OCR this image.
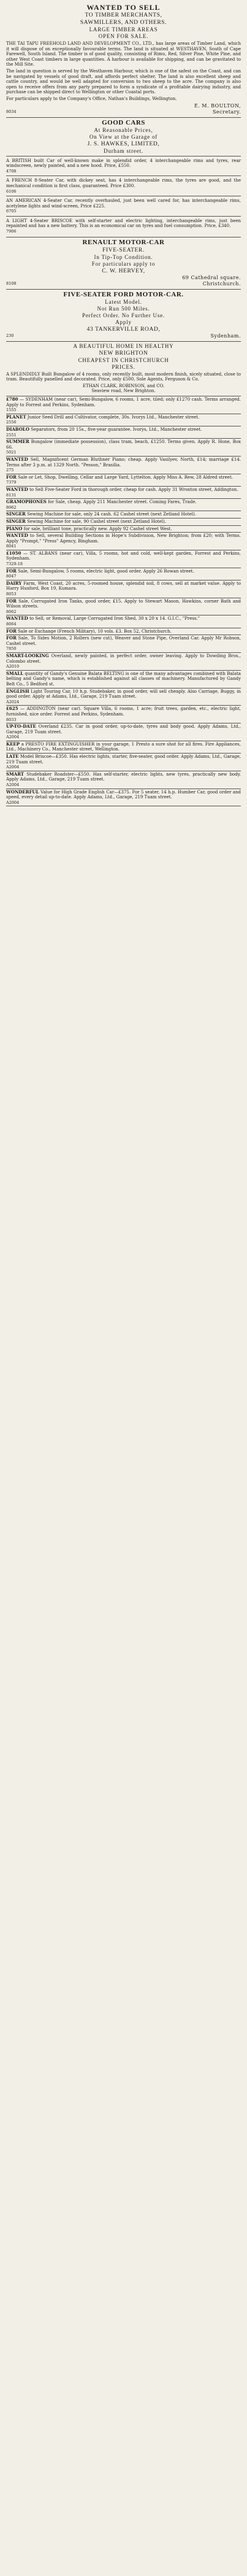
WANTED TO SELL
TO TIMBER MERCHANTS,
SAWMILLERS, AND OTHERS.
LARGE TIMBER AREAS
OPEN FOR SALE.
THE TAI TAPU FREEHOLD LAND AND DEVELOPMENT CO., LTD., has large areas of Timber Land, which it will dispose of on exceptionally favourable terms. The land is situated at WESTHAVEN, South of Cape Farewell, South Island. The timber is of good quality, consisting of Rimu, Red, Silver Pine, White Pine, and other West Coast timbers in large quantities. A harbour is available for shipping, and can be gravitated to the Mill Site.
The land in question is served by the Westhaven Harbour, which is one of the safest on the Coast, and can be navigated by vessels of good draft, and affords perfect shelter. The land is also excellent sheep and cattle country, and would be well adapted for conversion to two sheep to the acre. The company is also open to receive offers from any party prepared to form a syndicate of a profitable dairying industry, and purchase can be shipped direct to Wellington or other Coastal ports.
For particulars apply to the Company's Office, Nathan's Buildings, Wellington.
E. M. BOULTON,
8034	Secretary.
GOOD CARS
At Reasonable Prices,
On View at the Garage of
J. S. HAWKES, LIMITED,
Durham street.
A BRITISH built Car of well-known make in splendid order, 4 interchangeable rims and tyres, rear windscreen, newly painted, and a new hood. Price, £550.
4708
A FRENCH 8-Seater Car, with dickey seat, has 4 interchangeable rims, the tyres are good, and the mechanical condition is first class, guaranteed. Price £300.
6106
AN AMERICAN 4-Seater Car, recently overhauled, just been well cared for, has interchangeable rims, acetylene lights and wind-screen, Price £225.
6705
A LIGHT 4-Seater BRISCOE with self-starter and electric lighting, interchangeable rims, just been repainted and has a new battery. This is an economical car on tyres and fuel consumption. Price, £340.
7906
RENAULT MOTOR-CAR
FIVE-SEATER.
In Tip-Top Condition.
For particulars apply to
C. W. HERVEY,
69 Cathedral square.
8108	Christchurch.
FIVE-SEATER FORD MOTOR-CAR.
Latest Model.
Not Run 500 Miles.
Perfect Order. No Further Use.
Apply
43 TANKERVILLE ROAD,
230	Sydenham.
A BEAUTIFUL HOME IN HEALTHY
NEW BRIGHTON
CHEAPEST IN CHRISTCHURCH
PRICES.
A SPLENDIDLY Built Bungalow of 4 rooms, only recently built, most modern finish, nicely situated, close to tram. Beautifully panelled and decorated. Price, only £500, Sole Agents, Ferguson & Co.
ETHAN CLARK, ROBINSON, and CO.
Seaview road, New Brighton.
£780 — SYDENHAM (near car), Semi-Bungalow, 6 rooms, 1 acre, tiled; only £1270 cash. Terms arranged. Apply to Forrest and Perkins, Sydenham.
1555
PLANET Junior Seed Drill and Cultivator, complete, 30s. Ivorys Ltd., Manchester street.
2556
DIABOLO Separators, from 20 15s., five-year guarantee. Ivorys, Ltd., Manchester street.
2551
SUMMER Bungalow (immediate possession), class tram, beach, £1250. Terms given. Apply R. Hone, Box 66.
5021
WANTED Sell, Magnificent German Bluthner Piano; cheap. Apply Vasilyev, North, £14; marriage £14. Terms after 3 p.m. at 1329 North. "Pesson," Brasilia.
275
FOR Sale or Let, Shop, Dwelling, Cellar and Large Yard, Lyttelton. Apply Miss A. Rew, 28 Aldred street.
7379
WANTED to Sell Five-Seater Ford in thorough order, cheap for cash. Apply 31 Wroxton street, Addington.
8131
GRAMOPHONES for Sale, cheap. Apply 211 Manchester street. Coming Fares, Trade.
8062
SINGER Sewing Machine for sale, only 24 cash. 62 Cashel street (next Zetland Hotel).
SINGER Sewing Machine for sale, 90 Cashel street (next Zetland Hotel).
PIANO for sale, brilliant tone, practically new. Apply 92 Cashel street West.
WANTED to Sell, several Building Sections in Hope's Subdivision, New Brighton; from £20; with Terms. Apply "Prompt," "Press" Agency, Bingham.
8041
£1050 — ST. ALBANS (near car), Villa, 5 rooms, hot and cold, well-kept garden, Forrest and Perkins, Sydenham.
7329-18
FOR Sale, Semi-Bungalow, 5 rooms, electric light, good order. Apply 26 Rowan street.
8047
DAIRY Farm, West Coast, 20 acres, 5-roomed house, splendid soil, 8 cows, sell at market value. Apply to Harry Huxford, Box 19, Kumara.
8053
FOR Sale, Corrugated Iron Tanks, good order, £15. Apply to Stewart Mason, Hawkins, corner Bath and Wilson streets.
8062
WANTED to Sell, or Removal, Large Corrugated Iron Shed, 30 x 20 x 14. G.I.C., "Press."
8064
FOR Sale or Exchange (French Military), 10 vols. £3. Box 52, Christchurch.
FOR Sale, To Sides Motion, 2 Rollers (new cut), Weaver and Stone Pipe, Overland Car. Apply Mr Robson, Cashel street.
7850
SMART-LOOKING Overland, newly painted, in perfect order, owner leaving. Apply to Dowding Bros., Colombo street.
A2010
SMALL quantity of Gandy's Genuine Balata BELTING is one of the many advantages combined with Balata belting and Gandy's name, which is established against all classes of machinery. Manufactured by Gandy Belt Co., 5 Bedford st.
ENGLISH Light Touring Car, 10 h.p. Studebaker, in good order, will sell cheaply. Also Carriage, Buggy, in good order. Apply at Adams, Ltd., Garage, 219 Tuam street.
A2024
£625 — ADDINGTON (near car). Square Villa, 6 rooms, 1 acre; fruit trees, garden, etc., electric light, furnished, nice order. Forrest and Perkins, Sydenham.
8033
UP-TO-DATE Overland £235. Car in good order, up-to-date, tyres and body good. Apply Adams, Ltd., Garage, 219 Tuam street.
A2004
KEEP a PRESTO FIRE EXTINGUISHER in your garage, 1 Presto a sure shot for all fires. Fire Appliances, Ltd., Machinery Co., Manchester street, Wellington.
LATE Model Briscoe—£350. Has electric lights, starter, five-seater, good order. Apply Adams, Ltd., Garage, 219 Tuam street.
A2004
SMART Studebaker Roadster—£550. Has self-starter, electric lights, new tyres, practically new body. Apply Adams, Ltd., Garage, 219 Tuam street.
A2004
WONDERFUL Value for High Grade English Car—£375. For 5 seater, 14 h.p. Humber Car, good order and speed, every detail up-to-date. Apply Adams, Ltd., Garage, 219 Tuam street.
A2004
